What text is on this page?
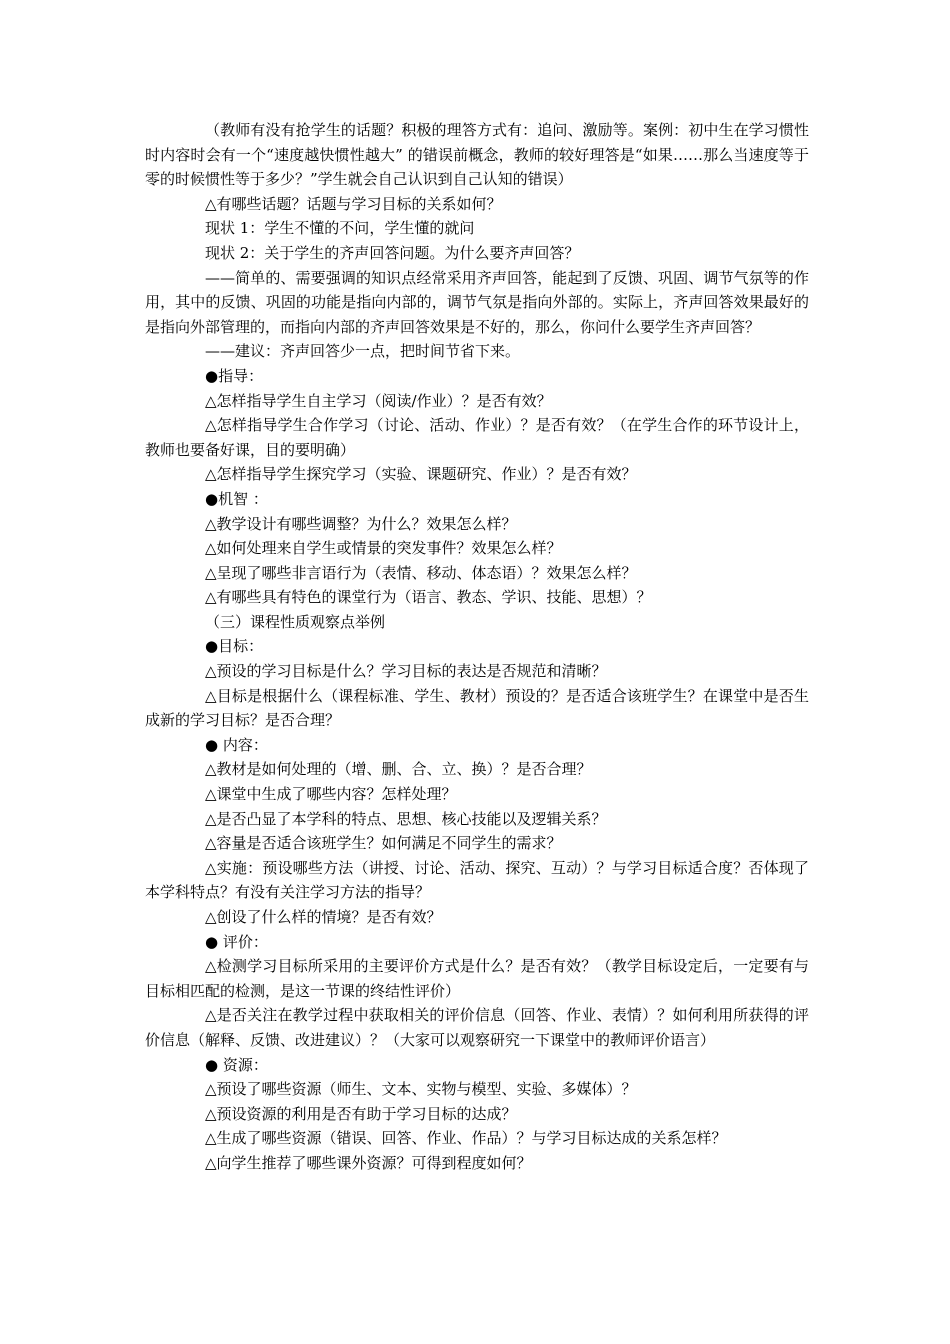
（教师有没有抢学生的话题？积极的理答方式有：追问、激励等。案例：初中生在学习惯性时内容时会有一个“速度越快惯性越大” 的错误前概念，教师的较好理答是“如果……那么当速度等于零的时候惯性等于多少？”学生就会自己认识到自己认知的错误）

△有哪些话题？话题与学习目标的关系如何？

现状 1：学生不懂的不问，学生懂的就问

现状 2：关于学生的齐声回答问题。为什么要齐声回答？

——简单的、需要强调的知识点经常采用齐声回答，能起到了反馈、巩固、调节气氛等的作用，其中的反馈、巩固的功能是指向内部的，调节气氛是指向外部的。实际上，齐声回答效果最好的是指向外部管理的，而指向内部的齐声回答效果是不好的，那么，你问什么要学生齐声回答？

——建议：齐声回答少一点，把时间节省下来。

●指导：

△怎样指导学生自主学习（阅读/作业）？是否有效？

△怎样指导学生合作学习（讨论、活动、作业）？是否有效？（在学生合作的环节设计上，教师也要备好课，目的要明确）

△怎样指导学生探究学习（实验、课题研究、作业）？是否有效？

●机智 ：

△教学设计有哪些调整？为什么？效果怎么样？

△如何处理来自学生或情景的突发事件？效果怎么样？

△呈现了哪些非言语行为（表情、移动、体态语）？效果怎么样？

△有哪些具有特色的课堂行为（语言、教态、学识、技能、思想）？

（三）课程性质观察点举例

●目标：

△预设的学习目标是什么？学习目标的表达是否规范和清晰？

△目标是根据什么（课程标准、学生、教材）预设的？是否适合该班学生？在课堂中是否生成新的学习目标？是否合理？

● 内容：

△教材是如何处理的（增、删、合、立、换）？是否合理？

△课堂中生成了哪些内容？怎样处理？

△是否凸显了本学科的特点、思想、核心技能以及逻辑关系？

△容量是否适合该班学生？如何满足不同学生的需求？

△实施：预设哪些方法（讲授、讨论、活动、探究、互动）？与学习目标适合度？否体现了本学科特点？有没有关注学习方法的指导？

△创设了什么样的情境？是否有效？

● 评价：

△检测学习目标所采用的主要评价方式是什么？是否有效？（教学目标设定后，一定要有与目标相匹配的检测，是这一节课的终结性评价）

△是否关注在教学过程中获取相关的评价信息（回答、作业、表情）？如何利用所获得的评价信息（解释、反馈、改进建议）？（大家可以观察研究一下课堂中的教师评价语言）

● 资源：

△预设了哪些资源（师生、文本、实物与模型、实验、多媒体）？

△预设资源的利用是否有助于学习目标的达成？

△生成了哪些资源（错误、回答、作业、作品）？与学习目标达成的关系怎样？

△向学生推荐了哪些课外资源？可得到程度如何？
